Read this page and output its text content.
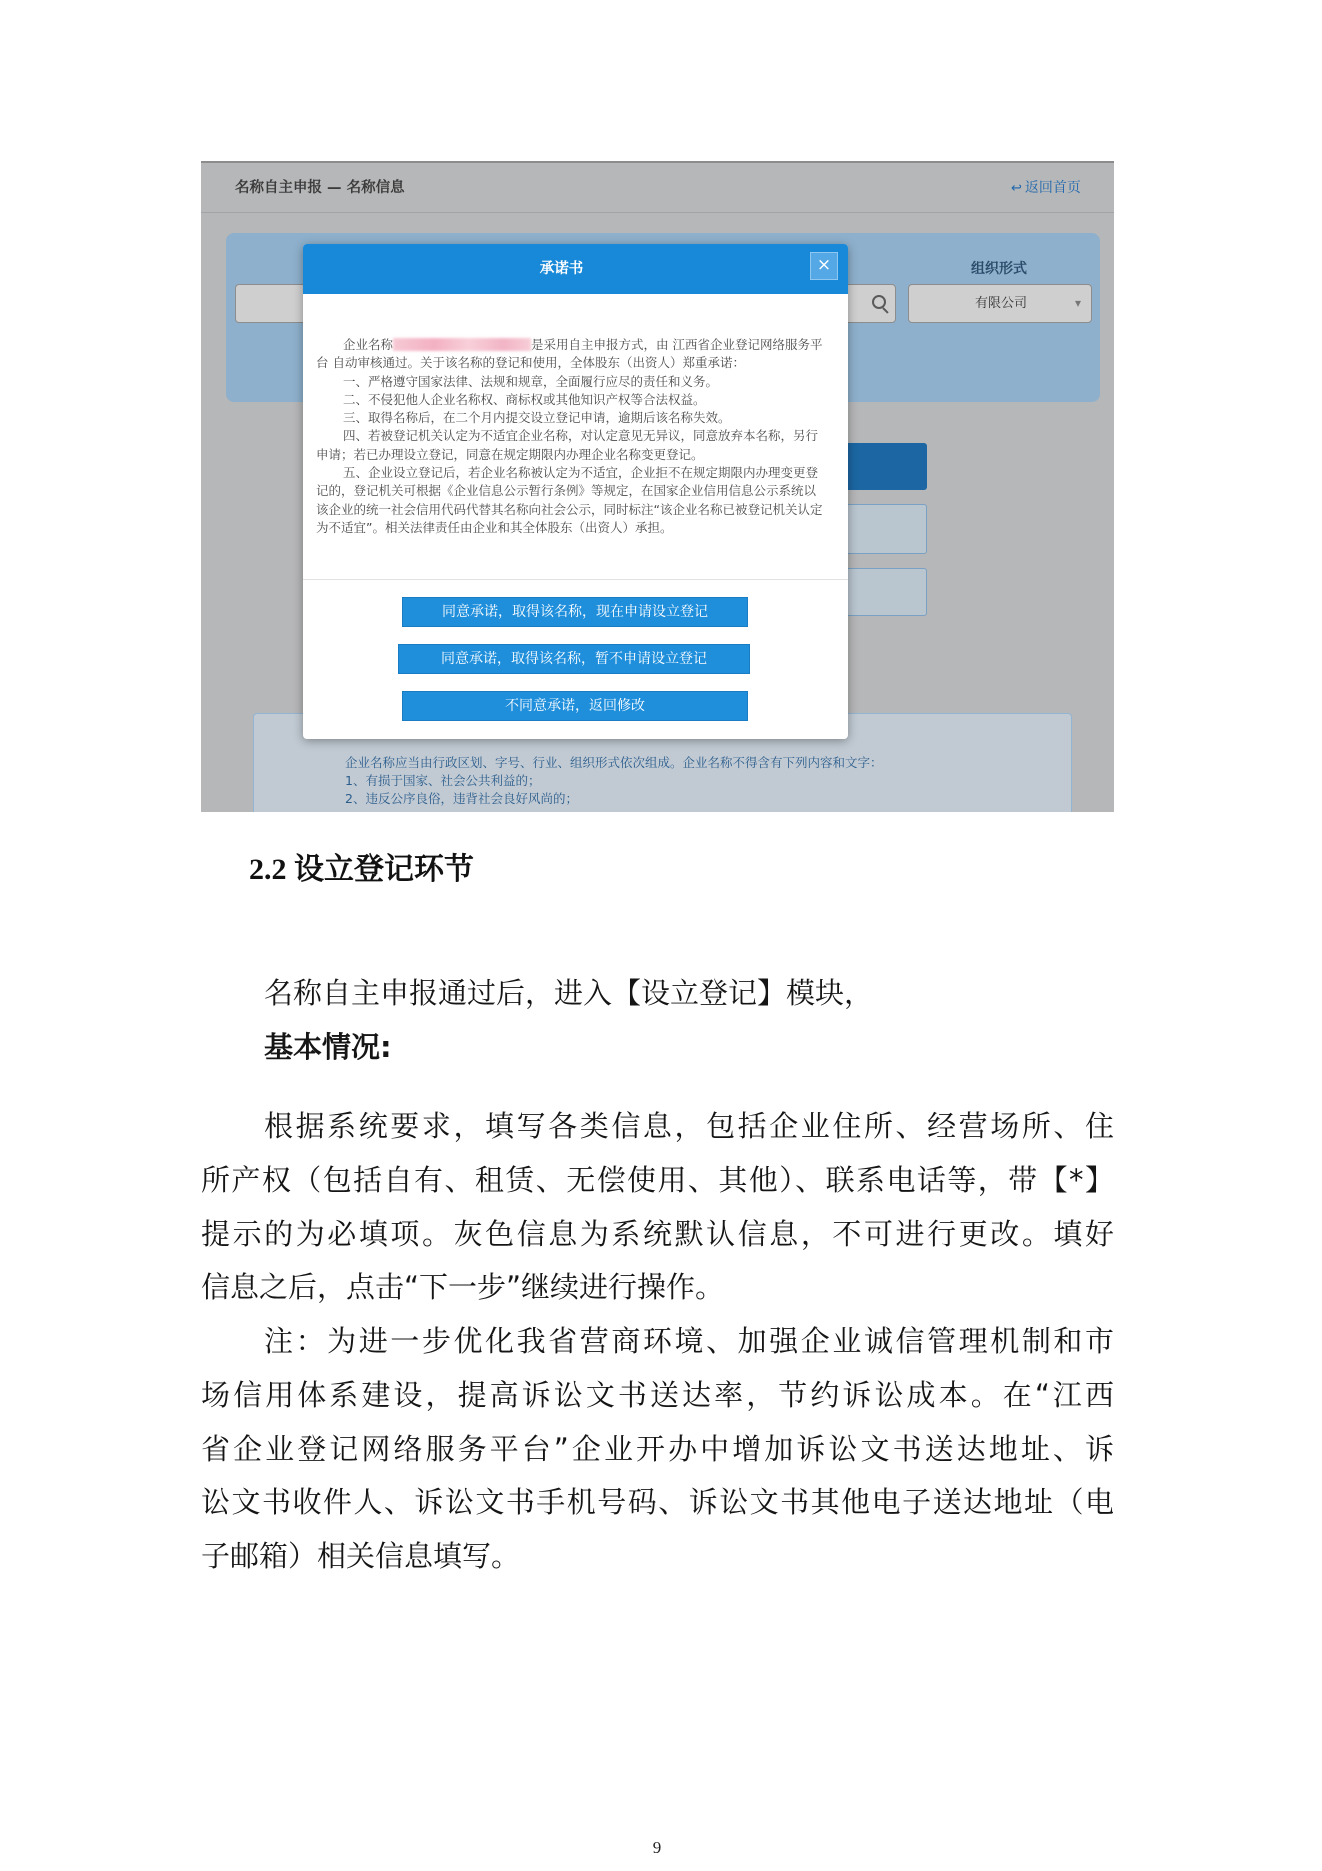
名称自主申报 — 名称信息	↩ 返回首页
组织形式
有限公司	▾
企业名称应当由行政区划、字号、行业、组织形式依次组成。企业名称不得含有下列内容和文字：
1、有损于国家、社会公共利益的；
2、违反公序良俗，违背社会良好风尚的；
承诺书	×
企业名称	是采用自主申报方式，由 江西省企业登记网络服务平
台 自动审核通过。关于该名称的登记和使用，全体股东（出资人）郑重承诺：
一、严格遵守国家法律、法规和规章，全面履行应尽的责任和义务。
二、不侵犯他人企业名称权、商标权或其他知识产权等合法权益。
三、取得名称后，在二个月内提交设立登记申请，逾期后该名称失效。
四、若被登记机关认定为不适宜企业名称，对认定意见无异议，同意放弃本名称，另行
申请；若已办理设立登记，同意在规定期限内办理企业名称变更登记。
五、企业设立登记后，若企业名称被认定为不适宜，企业拒不在规定期限内办理变更登
记的，登记机关可根据《企业信息公示暂行条例》等规定，在国家企业信用信息公示系统以
该企业的统一社会信用代码代替其名称向社会公示，同时标注“该企业名称已被登记机关认定
为不适宜”。相关法律责任由企业和其全体股东（出资人）承担。
同意承诺，取得该名称，现在申请设立登记
同意承诺，取得该名称，暂不申请设立登记
不同意承诺，返回修改
2.2 设立登记环节
名称自主申报通过后，进入【设立登记】模块，
基本情况:
根据系统要求，填写各类信息，包括企业住所、经营场所、住
所产权（包括自有、租赁、无偿使用、其他）、联系电话等，带【*】
提示的为必填项。灰色信息为系统默认信息，不可进行更改。填好
信息之后，点击“下一步”继续进行操作。
注：为进一步优化我省营商环境、加强企业诚信管理机制和市
场信用体系建设，提高诉讼文书送达率，节约诉讼成本。在“江西
省企业登记网络服务平台”企业开办中增加诉讼文书送达地址、诉
讼文书收件人、诉讼文书手机号码、诉讼文书其他电子送达地址（电
子邮箱）相关信息填写。
9
